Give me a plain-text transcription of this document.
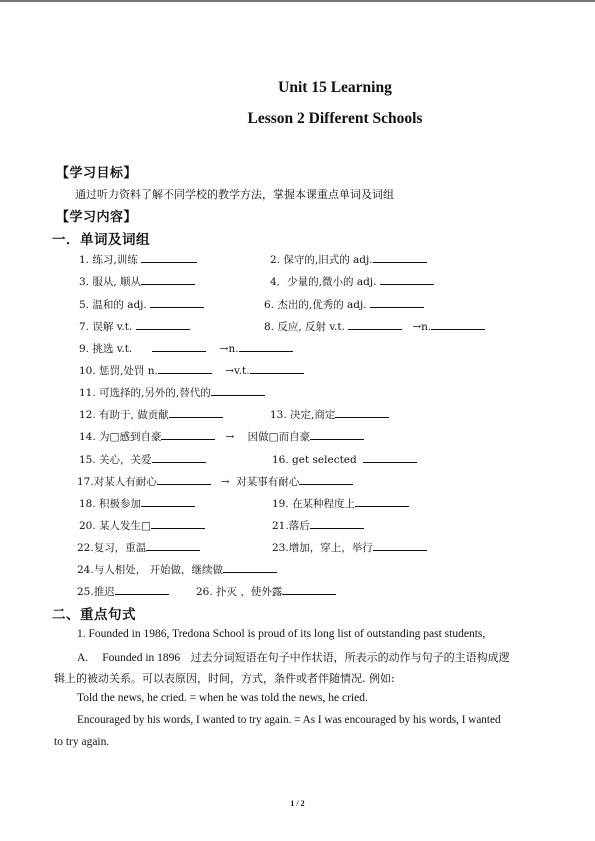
Unit 15 Learning
Lesson 2 Different Schools
【学习目标】
通过听力资料了解不同学校的教学方法，掌握本课重点单词及词组
【学习内容】
一．单词及词组
1. 练习,训练	2. 保守的,旧式的 adj.
3. 服从, 顺从	4．少量的,微小的 adj.
5. 温和的 adj.	6. 杰出的,优秀的 adj.
7. 误解 v.t.	8. 反应, 反射 v.t.	→n.
9. 挑选 v.t.	→n.
10. 惩罚,处罚 n.	→v.t.
11. 可选择的,另外的,替代的
12. 有助于, 做贡献	13. 决定,商定
14. 为□感到自豪	→ 因做□而自豪
15. 关心，关爱	16. get selected
17.对某人有耐心	→ 对某事有耐心
18. 积极参加	19. 在某种程度上
20. 某人发生□	21.落后
22.复习，重温	23.增加，穿上，举行
24.与人相处， 开始做，继续做
25.推迟	26. 扑灭 ，使外露
二、重点句式
1. Founded in 1986, Tredona School is proud of its long list of outstanding past students,
A. Founded in 1896 过去分词短语在句子中作状语，所表示的动作与句子的主语构成逻
辑上的被动关系。可以表原因，时间，方式，条件或者伴随情况. 例如:
Told the news, he cried. = when he was told the news, he cried.
Encouraged by his words, I wanted to try again. = As I was encouraged by his words, I wanted
to try again.
1 / 2
